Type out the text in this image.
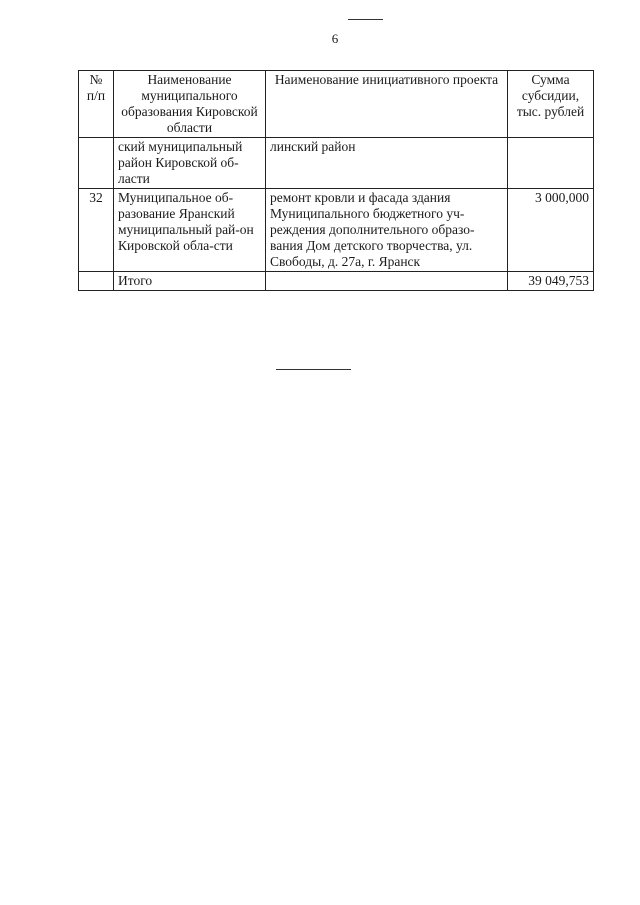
6
№ п/п	Наименование муниципального образования Кировской области	Наименование инициативного проекта	Сумма субсидии, тыс. рублей
	ский муниципальный район Кировской об-ласти	линский район	
32	Муниципальное об-разование Яранский муниципальный рай-он Кировской обла-сти	ремонт кровли и фасада здания Муниципального бюджетного уч-реждения дополнительного образо-вания Дом детского творчества, ул. Свободы, д. 27а, г. Яранск	3 000,000
	Итого		39 049,753
